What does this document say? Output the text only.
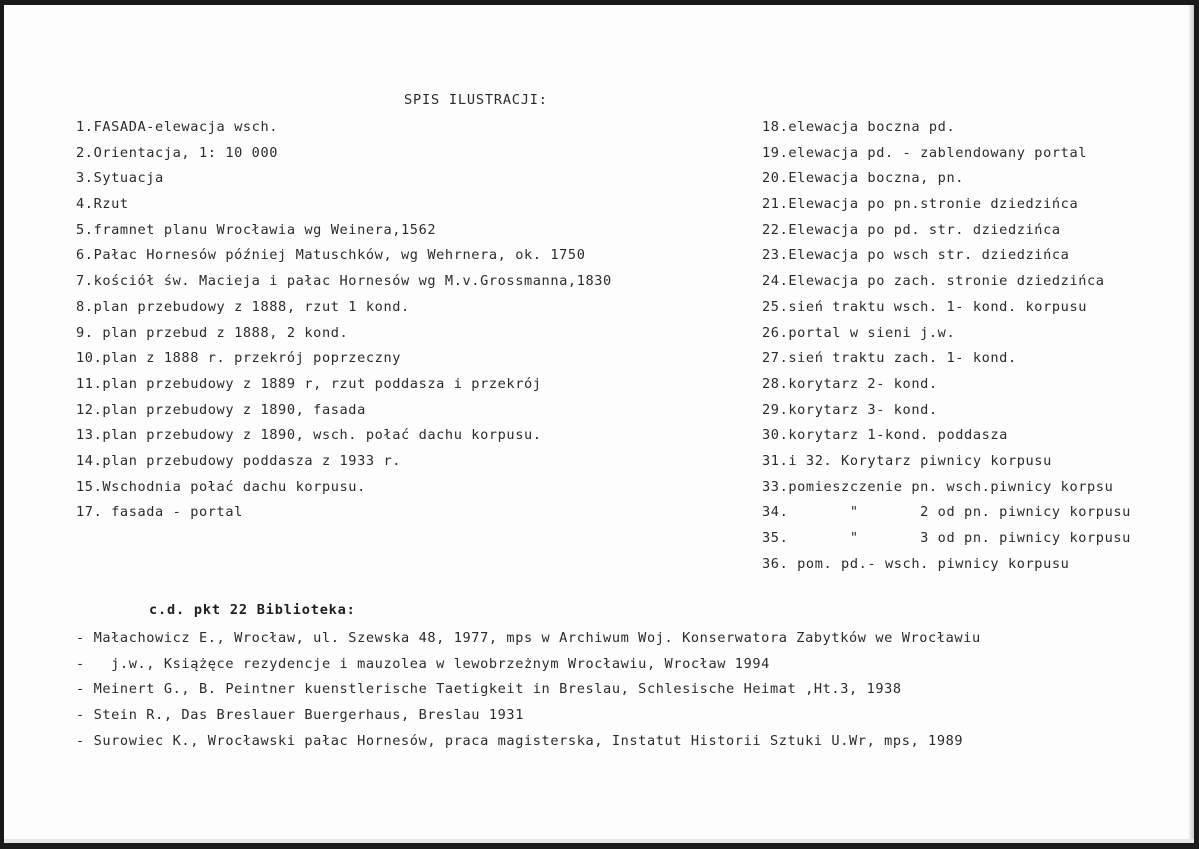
SPIS ILUSTRACJI:
1.FASADA-elewacja wsch.
2.Orientacja, 1: 10 000
3.Sytuacja
4.Rzut
5.framnet planu Wrocławia wg Weinera,1562
6.Pałac Hornesów później Matuschków, wg Wehrnera, ok. 1750
7.kościół św. Macieja i pałac Hornesów wg M.v.Grossmanna,1830
8.plan przebudowy z 1888, rzut 1 kond.
9. plan przebud z 1888, 2 kond.
10.plan z 1888 r. przekrój poprzeczny
11.plan przebudowy z 1889 r, rzut poddasza i przekrój
12.plan przebudowy z 1890, fasada
13.plan przebudowy z 1890, wsch. połać dachu korpusu.
14.plan przebudowy poddasza z 1933 r.
15.Wschodnia połać dachu korpusu.
17. fasada - portal
18.elewacja boczna pd.
19.elewacja pd. - zablendowany portal
20.Elewacja boczna, pn.
21.Elewacja po pn.stronie dziedzińca
22.Elewacja po pd. str. dziedzińca
23.Elewacja po wsch str. dziedzińca
24.Elewacja po zach. stronie dziedzińca
25.sień traktu wsch. 1- kond. korpusu
26.portal w sieni j.w.
27.sień traktu zach. 1- kond.
28.korytarz 2- kond.
29.korytarz 3- kond.
30.korytarz 1-kond. poddasza
31.i 32. Korytarz piwnicy korpusu
33.pomieszczenie pn. wsch.piwnicy korpsu
34.       "       2 od pn. piwnicy korpusu
35.       "       3 od pn. piwnicy korpusu
36. pom. pd.- wsch. piwnicy korpusu
c.d. pkt 22 Biblioteka:
- Małachowicz E., Wrocław, ul. Szewska 48, 1977, mps w Archiwum Woj. Konserwatora Zabytków we Wrocławiu
-   j.w., Książęce rezydencje i mauzolea w lewobrzeżnym Wrocławiu, Wrocław 1994
- Meinert G., B. Peintner kuenstlerische Taetigkeit in Breslau, Schlesische Heimat ,Ht.3, 1938
- Stein R., Das Breslauer Buergerhaus, Breslau 1931
- Surowiec K., Wrocławski pałac Hornesów, praca magisterska, Instatut Historii Sztuki U.Wr, mps, 1989
